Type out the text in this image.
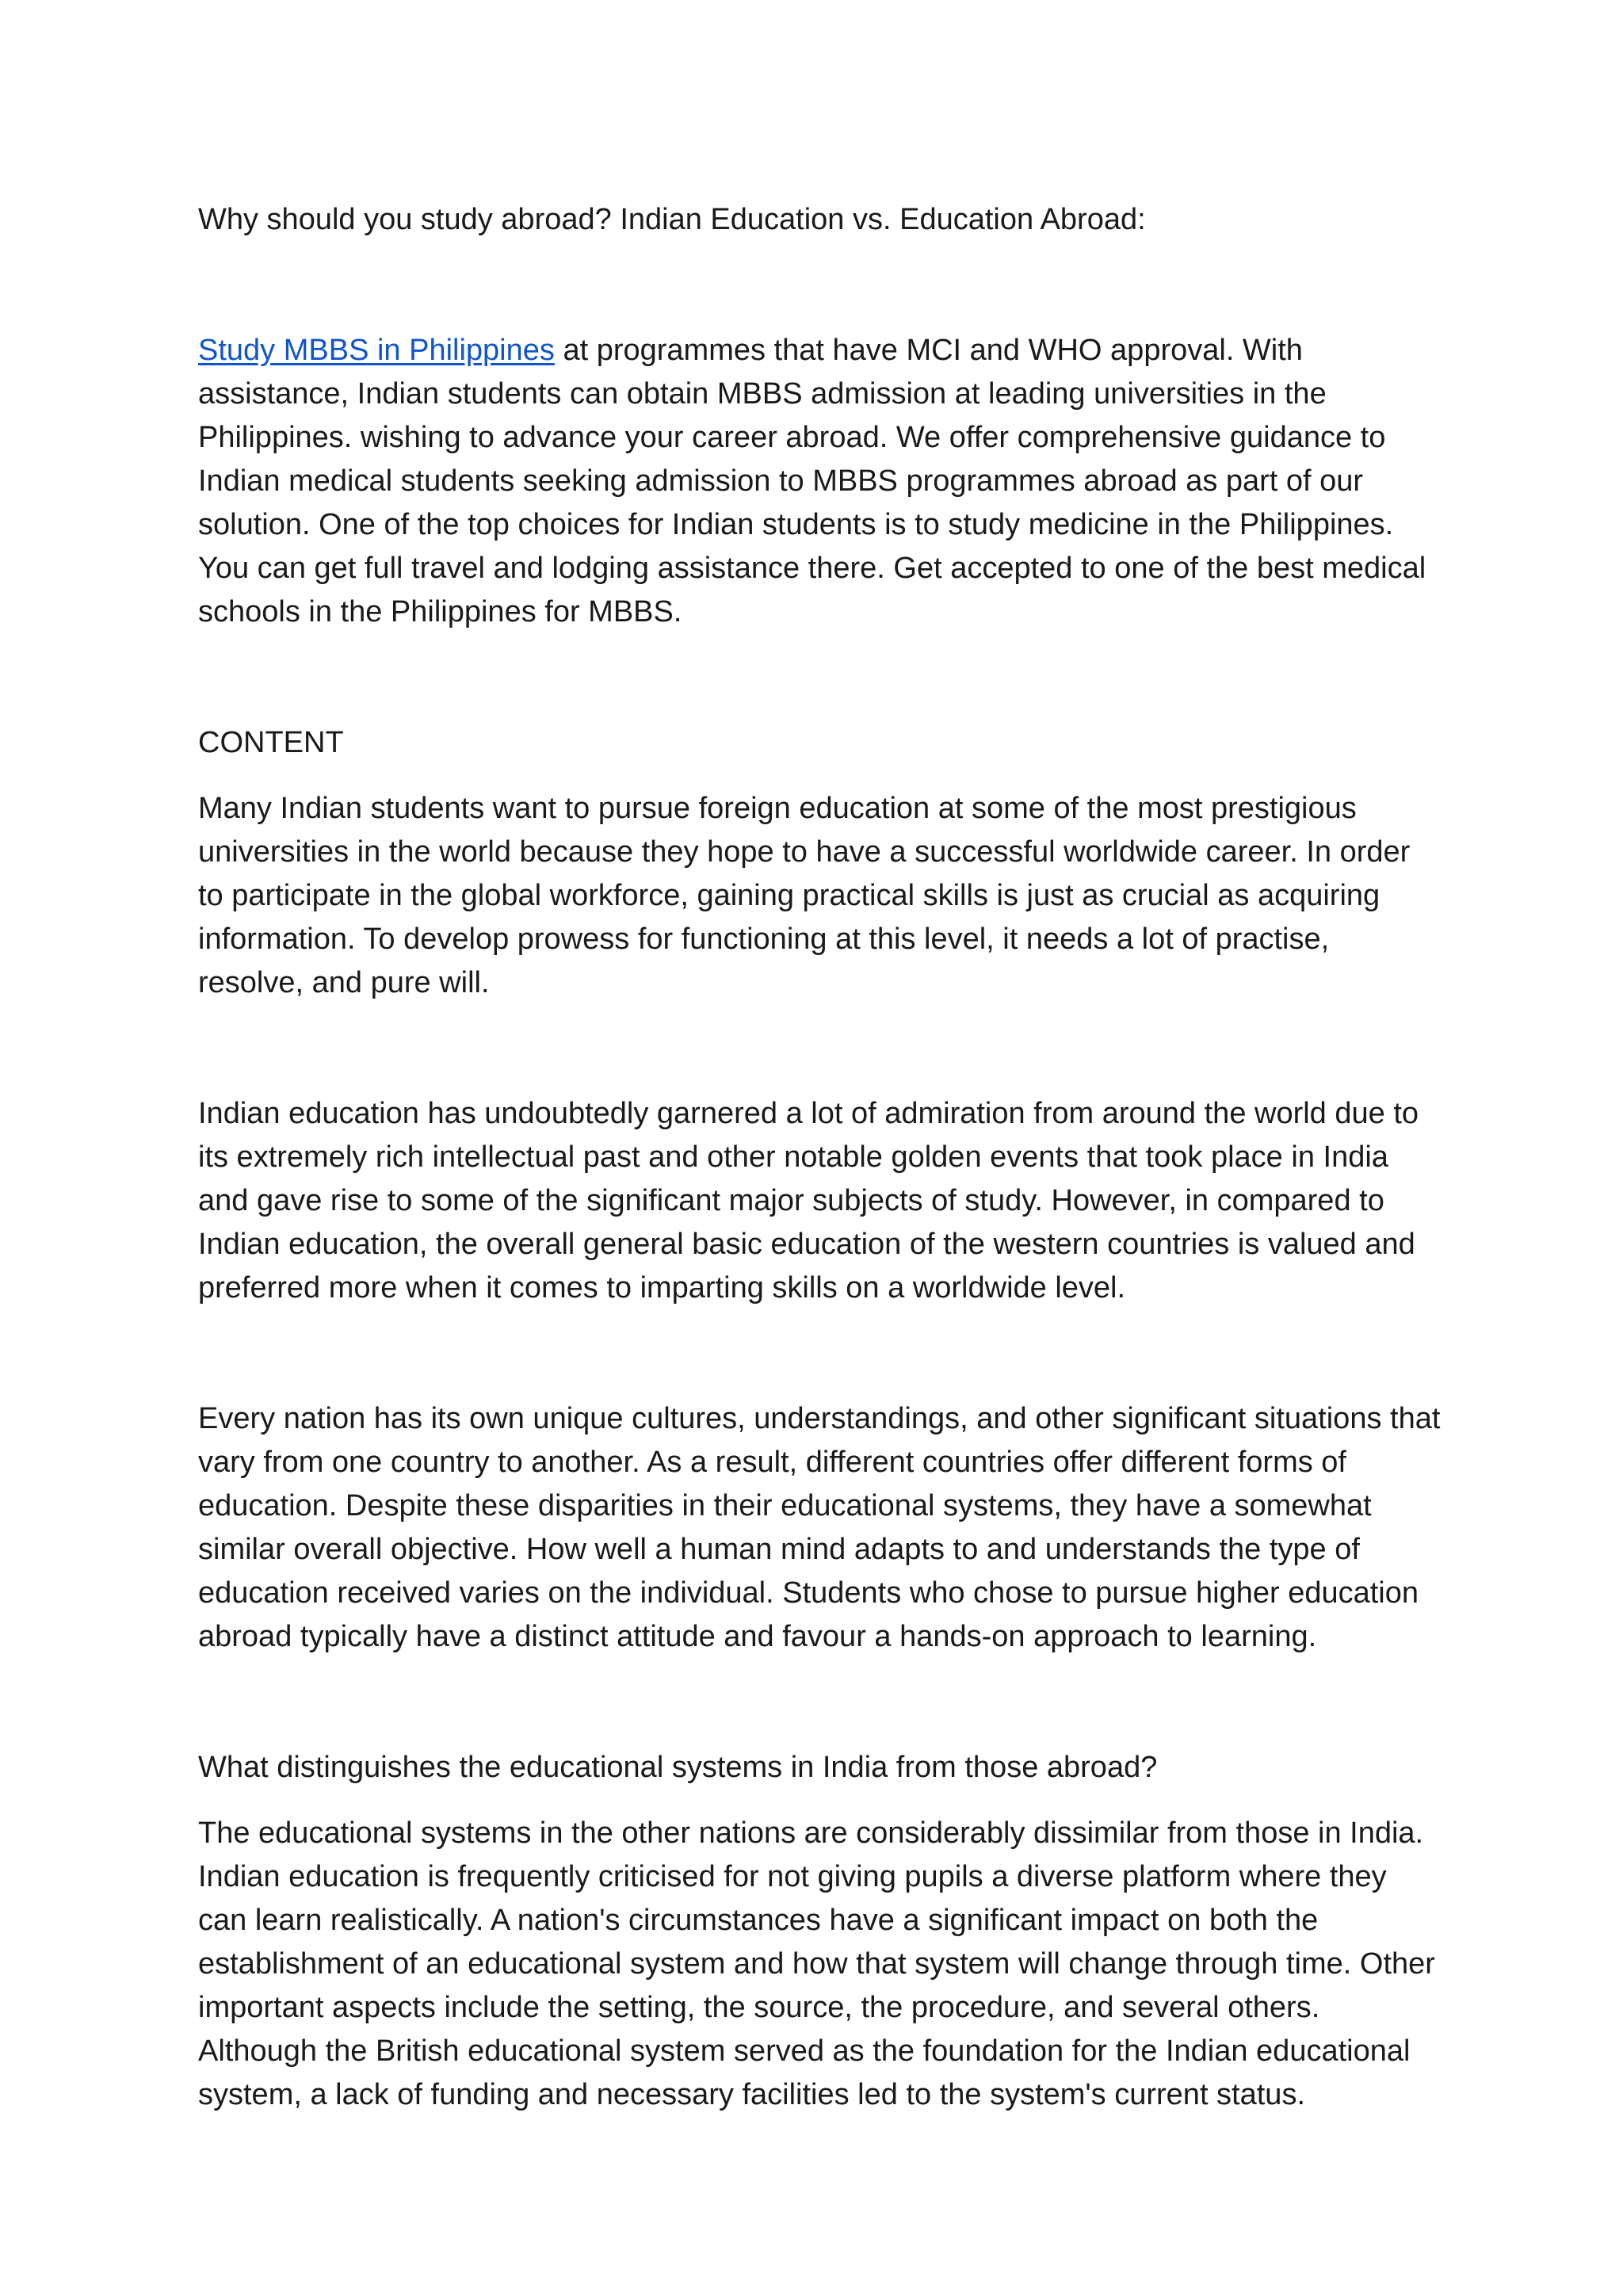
Why should you study abroad? Indian Education vs. Education Abroad:

Study MBBS in Philippines at programmes that have MCI and WHO approval. With assistance, Indian students can obtain MBBS admission at leading universities in the Philippines. wishing to advance your career abroad. We offer comprehensive guidance to Indian medical students seeking admission to MBBS programmes abroad as part of our solution. One of the top choices for Indian students is to study medicine in the Philippines. You can get full travel and lodging assistance there. Get accepted to one of the best medical schools in the Philippines for MBBS.

CONTENT

Many Indian students want to pursue foreign education at some of the most prestigious universities in the world because they hope to have a successful worldwide career. In order to participate in the global workforce, gaining practical skills is just as crucial as acquiring information. To develop prowess for functioning at this level, it needs a lot of practise, resolve, and pure will.

Indian education has undoubtedly garnered a lot of admiration from around the world due to its extremely rich intellectual past and other notable golden events that took place in India and gave rise to some of the significant major subjects of study. However, in compared to Indian education, the overall general basic education of the western countries is valued and preferred more when it comes to imparting skills on a worldwide level.

Every nation has its own unique cultures, understandings, and other significant situations that vary from one country to another. As a result, different countries offer different forms of education. Despite these disparities in their educational systems, they have a somewhat similar overall objective. How well a human mind adapts to and understands the type of education received varies on the individual. Students who chose to pursue higher education abroad typically have a distinct attitude and favour a hands-on approach to learning.

What distinguishes the educational systems in India from those abroad?

The educational systems in the other nations are considerably dissimilar from those in India. Indian education is frequently criticised for not giving pupils a diverse platform where they can learn realistically. A nation's circumstances have a significant impact on both the establishment of an educational system and how that system will change through time. Other important aspects include the setting, the source, the procedure, and several others. Although the British educational system served as the foundation for the Indian educational system, a lack of funding and necessary facilities led to the system's current status.
